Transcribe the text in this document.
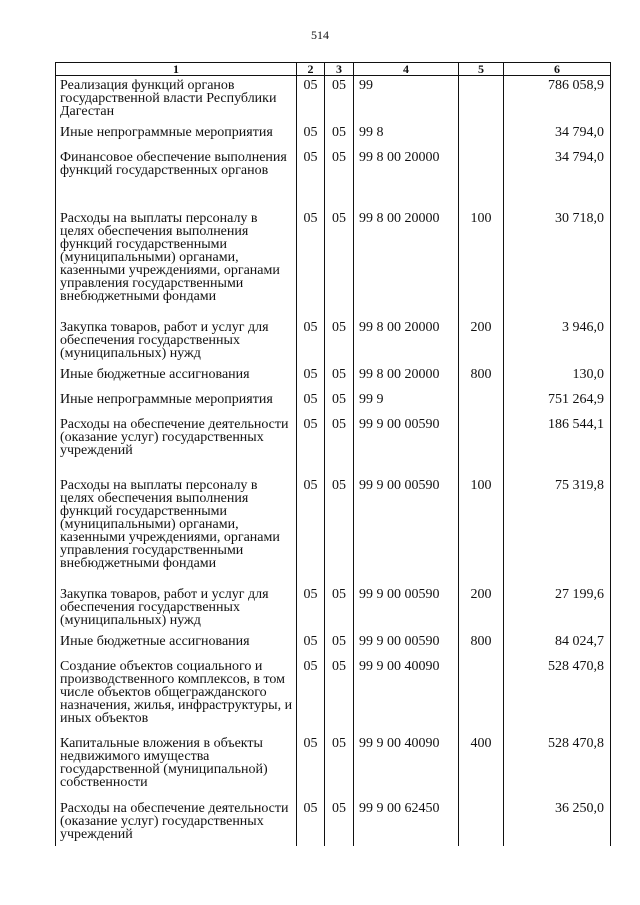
514
1	2	3	4	5	6
Реализация функций органов государственной власти Республики Дагестан	05	05	99		786 058,9
Иные непрограммные мероприятия	05	05	99 8		34 794,0
Финансовое обеспечение выполнения функций государственных органов	05	05	99 8 00 20000		34 794,0
Расходы на выплаты персоналу в целях обеспечения выполнения функций государственными (муниципальными) органами, казенными учреждениями, органами управления государственными внебюджетными фондами	05	05	99 8 00 20000	100	30 718,0
Закупка товаров, работ и услуг для обеспечения государственных (муниципальных) нужд	05	05	99 8 00 20000	200	3 946,0
Иные бюджетные ассигнования	05	05	99 8 00 20000	800	130,0
Иные непрограммные мероприятия	05	05	99 9		751 264,9
Расходы на обеспечение деятельности (оказание услуг) государственных учреждений	05	05	99 9 00 00590		186 544,1
Расходы на выплаты персоналу в целях обеспечения выполнения функций государственными (муниципальными) органами, казенными учреждениями, органами управления государственными внебюджетными фондами	05	05	99 9 00 00590	100	75 319,8
Закупка товаров, работ и услуг для обеспечения государственных (муниципальных) нужд	05	05	99 9 00 00590	200	27 199,6
Иные бюджетные ассигнования	05	05	99 9 00 00590	800	84 024,7
Создание объектов социального и производственного комплексов, в том числе объектов общегражданского назначения, жилья, инфраструктуры, и иных объектов	05	05	99 9 00 40090		528 470,8
Капитальные вложения в объекты недвижимого имущества государственной (муниципальной) собственности	05	05	99 9 00 40090	400	528 470,8
Расходы на обеспечение деятельности (оказание услуг) государственных учреждений	05	05	99 9 00 62450		36 250,0
